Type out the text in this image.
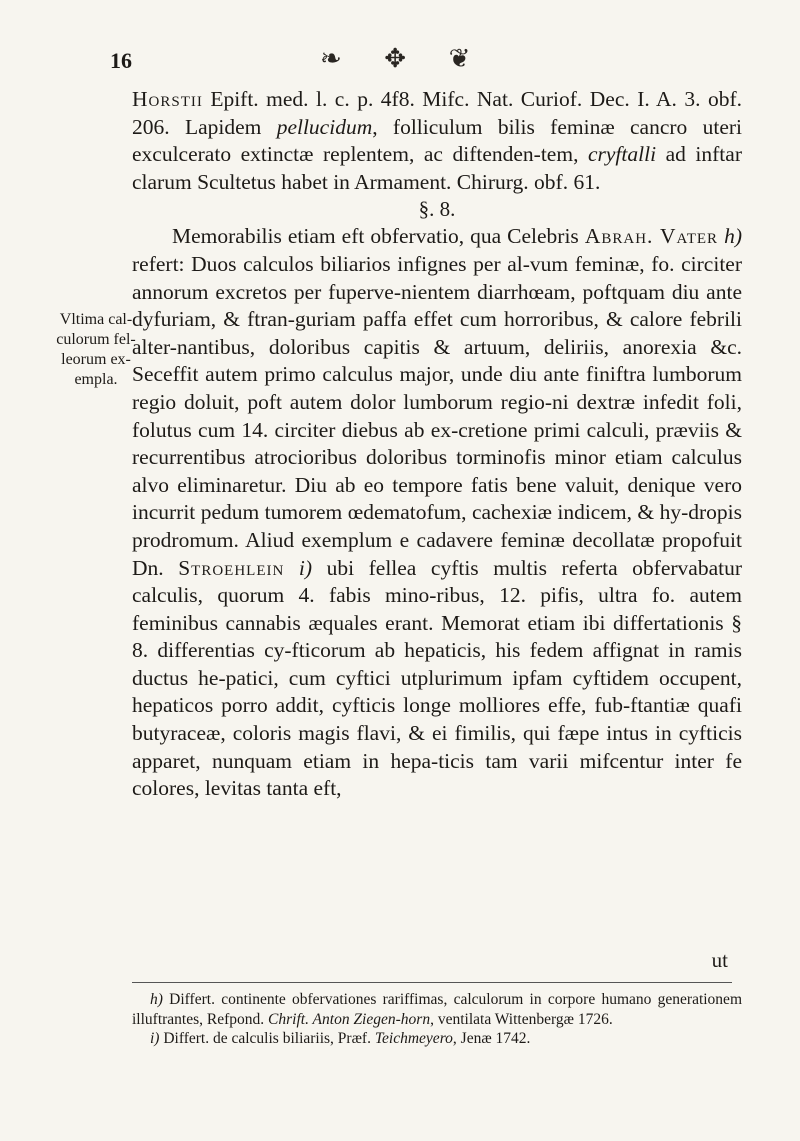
16	❧ ✥ ❦
Vltima cal-culorum fel-leorum ex-empla.

Horstii Epift. med. l. c. p. 4f8. Mifc. Nat. Curiof. Dec. I. A. 3. obf. 206. Lapidem pellucidum, folliculum bilis feminæ cancro uteri exculcerato extinctæ replentem, ac diftenden-tem, cryftalli ad inftar clarum Scultetus habet in Armament. Chirurg. obf. 61.

§. 8.

Memorabilis etiam eft obfervatio, qua Celebris Abrah. Vater h) refert: Duos calculos biliarios infignes per al-vum feminæ, fo. circiter annorum excretos per fuperve-nientem diarrhœam, poftquam diu ante dyfuriam, & ftran-guriam paffa effet cum horroribus, & calore febrili alter-nantibus, doloribus capitis & artuum, deliriis, anorexia &c. Seceffit autem primo calculus major, unde diu ante finiftra lumborum regio doluit, poft autem dolor lumborum regio-ni dextræ infedit foli, folutus cum 14. circiter diebus ab ex-cretione primi calculi, præviis & recurrentibus atrocioribus doloribus torminofis minor etiam calculus alvo eliminaretur. Diu ab eo tempore fatis bene valuit, denique vero incurrit pedum tumorem œdematofum, cachexiæ indicem, & hy-dropis prodromum. Aliud exemplum e cadavere feminæ decollatæ propofuit Dn. Stroehlein i) ubi fellea cyftis multis referta obfervabatur calculis, quorum 4. fabis mino-ribus, 12. pifis, ultra fo. autem feminibus cannabis æquales erant. Memorat etiam ibi differtationis § 8. differentias cy-fticorum ab hepaticis, his fedem affignat in ramis ductus he-patici, cum cyftici utplurimum ipfam cyftidem occupent, hepaticos porro addit, cyfticis longe molliores effe, fub-ftantiæ quafi butyraceæ, coloris magis flavi, & ei fimilis, qui fæpe intus in cyfticis apparet, nunquam etiam in hepa-ticis tam varii mifcentur inter fe colores, levitas tanta eft,

ut

h) Differt. continente obfervationes rariffimas, calculorum in corpore humano generationem illuftrantes, Refpond. Chrift. Anton Ziegen-horn, ventilata Wittenbergæ 1726.

i) Differt. de calculis biliariis, Præf. Teichmeyero, Jenæ 1742.
